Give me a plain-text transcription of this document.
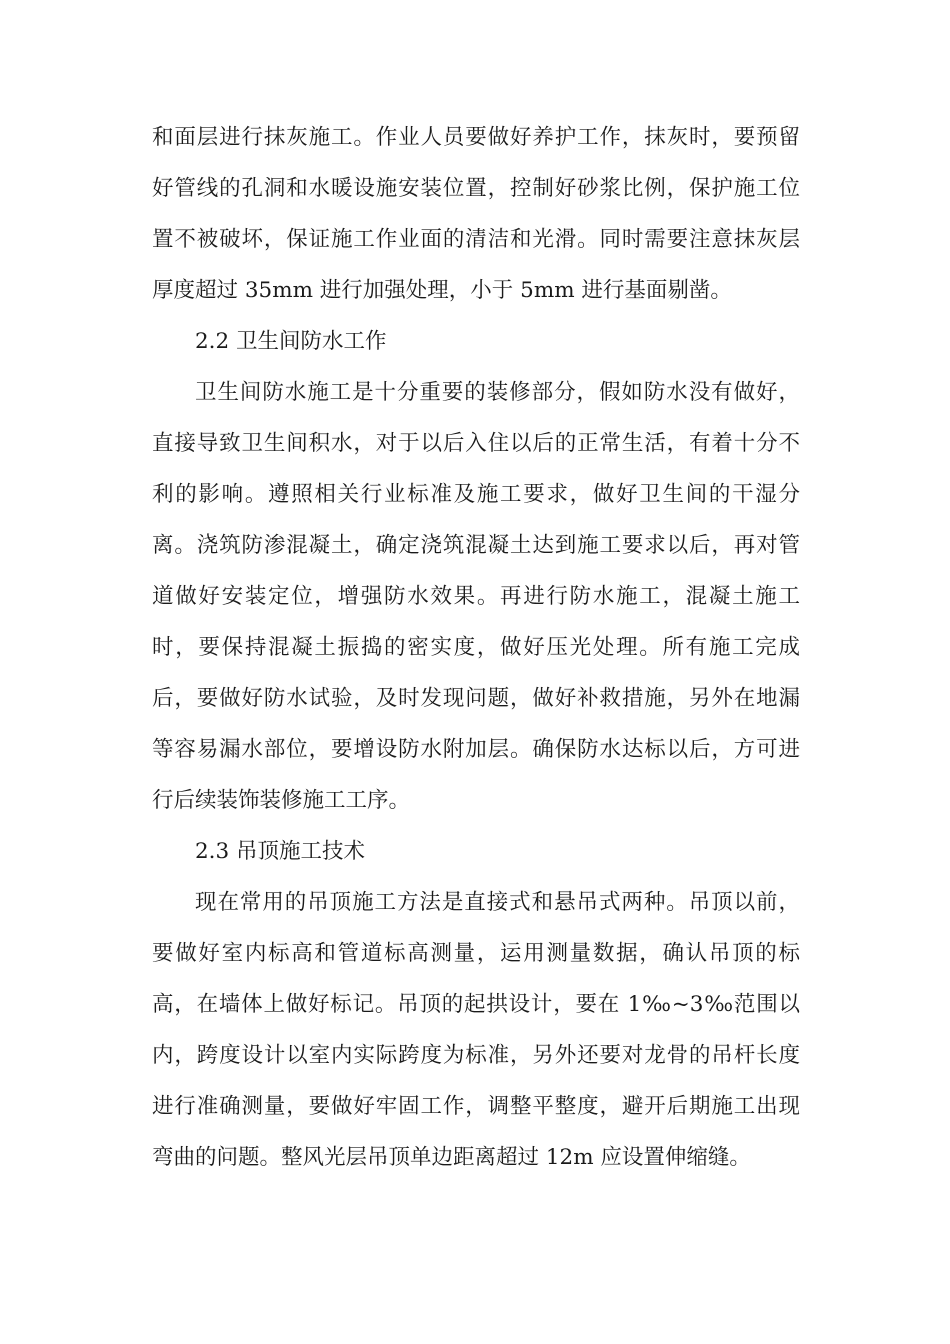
和面层进行抹灰施工。作业人员要做好养护工作，抹灰时，要预留
好管线的孔洞和水暖设施安装位置，控制好砂浆比例，保护施工位
置不被破坏，保证施工作业面的清洁和光滑。同时需要注意抹灰层
厚度超过 35mm 进行加强处理，小于 5mm 进行基面剔凿。
2.2 卫生间防水工作
卫生间防水施工是十分重要的装修部分，假如防水没有做好，
直接导致卫生间积水，对于以后入住以后的正常生活，有着十分不
利的影响。遵照相关行业标准及施工要求，做好卫生间的干湿分
离。浇筑防渗混凝土，确定浇筑混凝土达到施工要求以后，再对管
道做好安装定位，增强防水效果。再进行防水施工，混凝土施工
时，要保持混凝土振捣的密实度，做好压光处理。所有施工完成
后，要做好防水试验，及时发现问题，做好补救措施，另外在地漏
等容易漏水部位，要增设防水附加层。确保防水达标以后，方可进
行后续装饰装修施工工序。
2.3 吊顶施工技术
现在常用的吊顶施工方法是直接式和悬吊式两种。吊顶以前，
要做好室内标高和管道标高测量，运用测量数据，确认吊顶的标
高，在墙体上做好标记。吊顶的起拱设计，要在 1‰~3‰范围以
内，跨度设计以室内实际跨度为标准，另外还要对龙骨的吊杆长度
进行准确测量，要做好牢固工作，调整平整度，避开后期施工出现
弯曲的问题。整风光层吊顶单边距离超过 12m 应设置伸缩缝。
